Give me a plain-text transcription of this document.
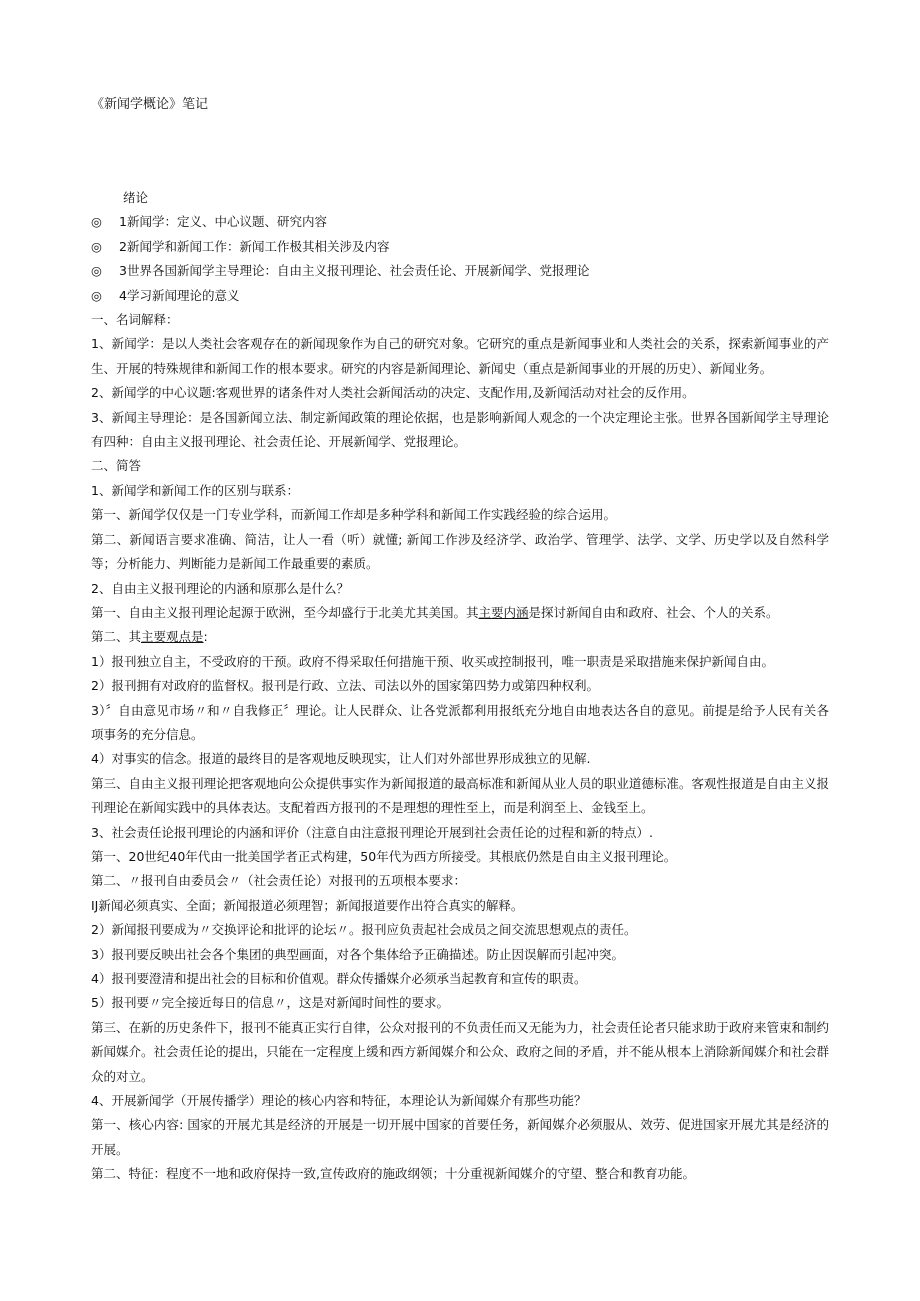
《新闻学概论》笔记

绪论

◎	1新闻学：定义、中心议题、研究内容
◎	2新闻学和新闻工作：新闻工作极其相关涉及内容
◎	3世界各国新闻学主导理论：自由主义报刊理论、社会责任论、开展新闻学、党报理论
◎	4学习新闻理论的意义

一、名词解释：

1、新闻学：是以人类社会客观存在的新闻现象作为自己的研究对象。它研究的重点是新闻事业和人类社会的关系，探索新闻事业的产生、开展的特殊规律和新闻工作的根本要求。研究的内容是新闻理论、新闻史（重点是新闻事业的开展的历史）、新闻业务。

2、新闻学的中心议题:客观世界的诸条件对人类社会新闻活动的决定、支配作用,及新闻活动对社会的反作用。

3、新闻主导理论：是各国新闻立法、制定新闻政策的理论依据，也是影响新闻人观念的一个决定理论主张。世界各国新闻学主导理论有四种：自由主义报刊理论、社会责任论、开展新闻学、党报理论。

二、简答

1、新闻学和新闻工作的区别与联系：

第一、新闻学仅仅是一门专业学科，而新闻工作却是多种学科和新闻工作实践经验的综合运用。

第二、新闻语言要求准确、简洁，让人一看（听）就懂; 新闻工作涉及经济学、政治学、管理学、法学、文学、历史学以及自然科学等；分析能力、判断能力是新闻工作最重要的素质。

2、自由主义报刊理论的内涵和原那么是什么？

第一、自由主义报刊理论起源于欧洲，至今却盛行于北美尤其美国。其主要内涵是探讨新闻自由和政府、社会、个人的关系。

第二、其主要观点是:

1）报刊独立自主，不受政府的干预。政府不得采取任何措施干预、收买或控制报刊，唯一职责是采取措施来保护新闻自由。

2）报刊拥有对政府的监督权。报刊是行政、立法、司法以外的国家第四势力或第四种权利。

3）〞自由意见市场〃和〃自我修正〞理论。让人民群众、让各党派都利用报纸充分地自由地表达各自的意见。前提是给予人民有关各项事务的充分信息。

4）对事实的信念。报道的最终目的是客观地反映现实，让人们对外部世界形成独立的见解.

第三、自由主义报刊理论把客观地向公众提供事实作为新闻报道的最高标准和新闻从业人员的职业道德标准。客观性报道是自由主义报刊理论在新闻实践中的具体表达。支配着西方报刊的不是理想的理性至上，而是利润至上、金钱至上。

3、社会责任论报刊理论的内涵和评价（注意自由注意报刊理论开展到社会责任论的过程和新的特点）.

第一、20世纪40年代由一批美国学者正式构建，50年代为西方所接受。其根底仍然是自由主义报刊理论。

第二、〃报刊自由委员会〃（社会责任论）对报刊的五项根本要求：

IJ新闻必须真实、全面；新闻报道必须理智；新闻报道要作出符合真实的解释。

2）新闻报刊要成为〃交换评论和批评的论坛〃。报刊应负责起社会成员之间交流思想观点的责任。

3）报刊要反映出社会各个集团的典型画面，对各个集体给予正确描述。防止因误解而引起冲突。

4）报刊要澄清和提出社会的目标和价值观。群众传播媒介必须承当起教育和宣传的职责。

5）报刊要〃完全接近每日的信息〃，这是对新闻时间性的要求。

第三、在新的历史条件下，报刊不能真正实行自律，公众对报刊的不负责任而又无能为力，社会责任论者只能求助于政府来管束和制约新闻媒介。社会责任论的提出，只能在一定程度上缓和西方新闻媒介和公众、政府之间的矛盾，并不能从根本上消除新闻媒介和社会群众的对立。

4、开展新闻学（开展传播学）理论的核心内容和特征，本理论认为新闻媒介有那些功能？

第一、核心内容: 国家的开展尤其是经济的开展是一切开展中国家的首要任务，新闻媒介必须服从、效劳、促进国家开展尤其是经济的开展。

第二、特征：程度不一地和政府保持一致,宣传政府的施政纲领；十分重视新闻媒介的守望、整合和教育功能。
